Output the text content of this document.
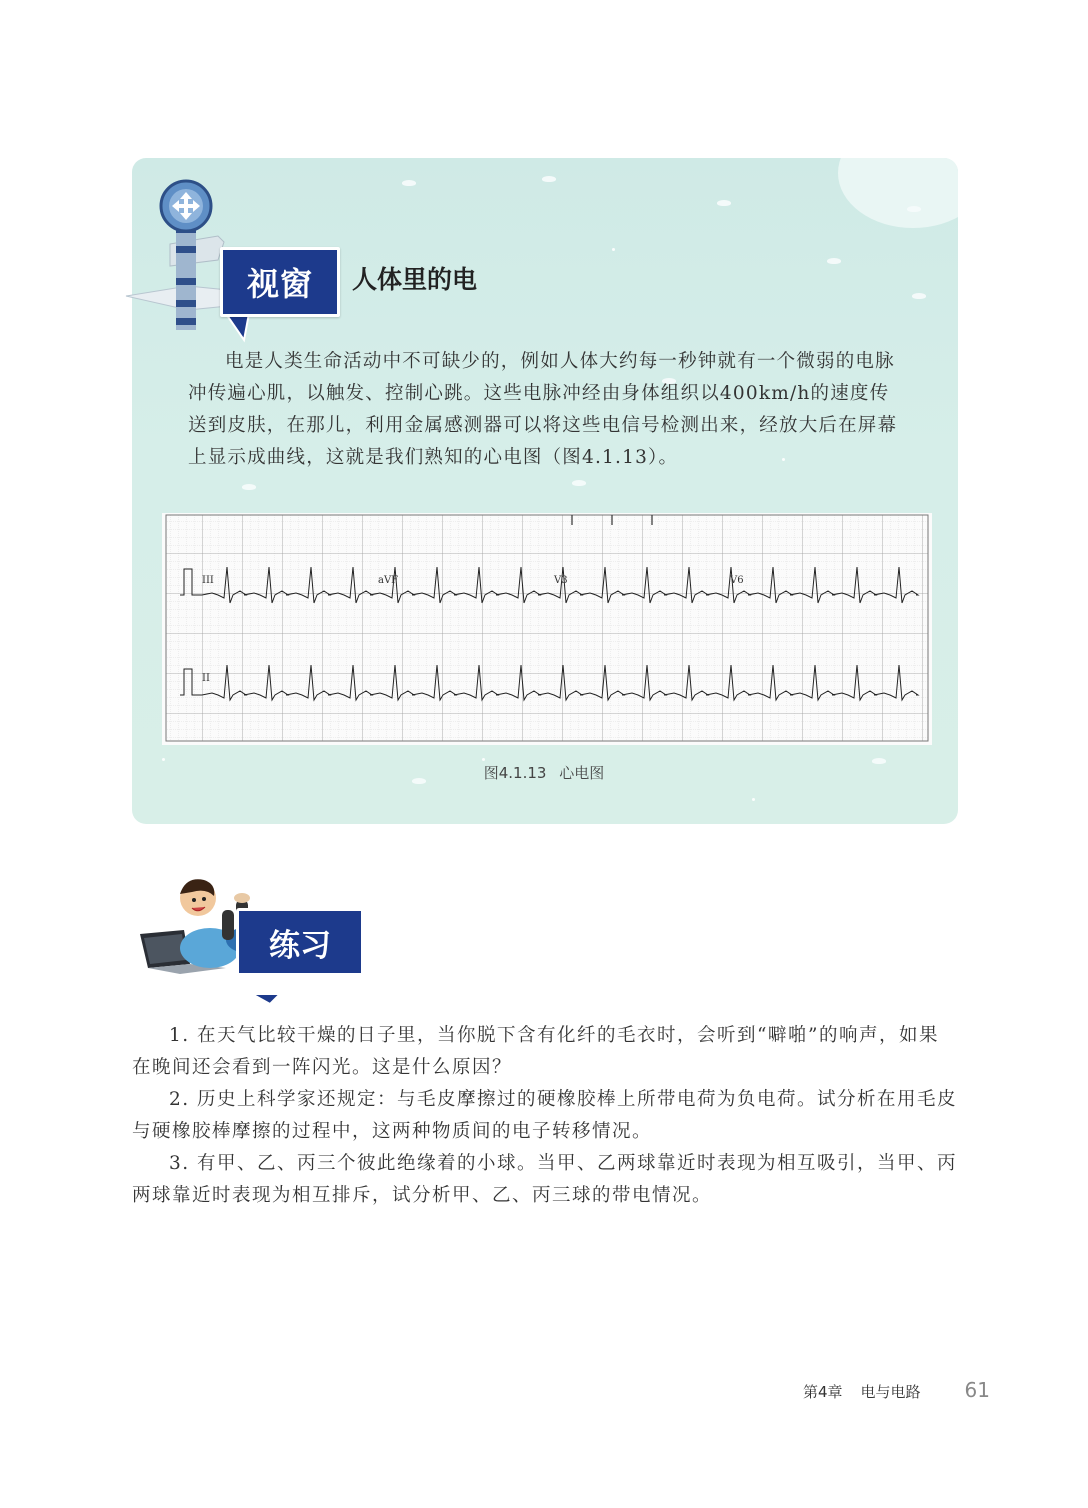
视窗	人体里的电

电是人类生命活动中不可缺少的，例如人体大约每一秒钟就有一个微弱的电脉冲传遍心肌，以触发、控制心跳。这些电脉冲经由身体组织以400km/h的速度传送到皮肤，在那儿，利用金属感测器可以将这些电信号检测出来，经放大后在屏幕上显示成曲线，这就是我们熟知的心电图（图4.1.13）。

III	aVF	V3	V6
II
图4.1.13 心电图
练习

1. 在天气比较干燥的日子里，当你脱下含有化纤的毛衣时，会听到“噼啪”的响声，如果在晚间还会看到一阵闪光。这是什么原因？

2. 历史上科学家还规定：与毛皮摩擦过的硬橡胶棒上所带电荷为负电荷。试分析在用毛皮与硬橡胶棒摩擦的过程中，这两种物质间的电子转移情况。

3. 有甲、乙、丙三个彼此绝缘着的小球。当甲、乙两球靠近时表现为相互吸引，当甲、丙两球靠近时表现为相互排斥，试分析甲、乙、丙三球的带电情况。

第4章 电与电路 61
